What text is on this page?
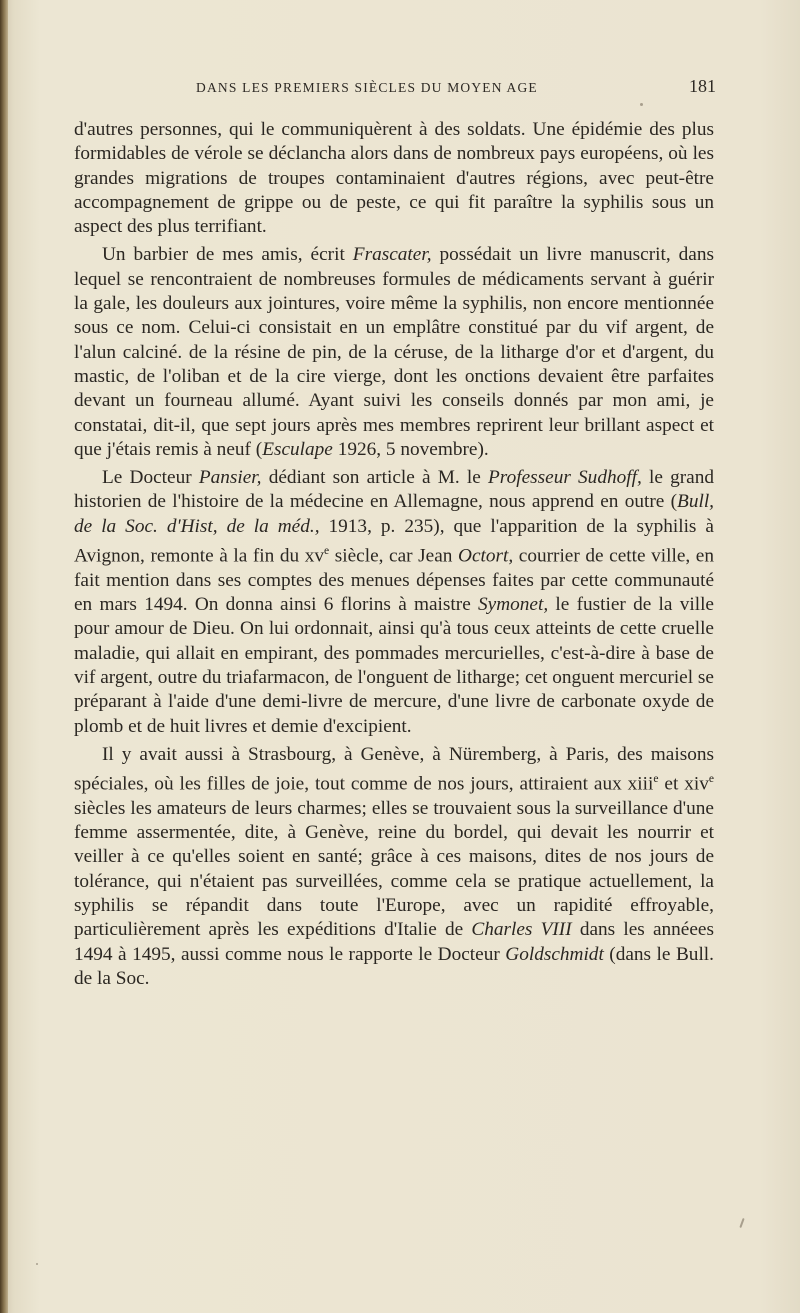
DANS LES PREMIERS SIÈCLES DU MOYEN AGE	181

d'autres personnes, qui le communiquèrent à des soldats. Une épidémie des plus formidables de vérole se déclancha alors dans de nombreux pays européens, où les grandes migrations de troupes contaminaient d'autres régions, avec peut-être accompagnement de grippe ou de peste, ce qui fit paraître la syphilis sous un aspect des plus terrifiant.

Un barbier de mes amis, écrit Frascater, possédait un livre manuscrit, dans lequel se rencontraient de nombreuses formules de médicaments servant à guérir la gale, les douleurs aux jointures, voire même la syphilis, non encore mentionnée sous ce nom. Celui-ci consistait en un emplâtre constitué par du vif argent, de l'alun calciné. de la résine de pin, de la céruse, de la litharge d'or et d'argent, du mastic, de l'oliban et de la cire vierge, dont les onctions devaient être parfaites devant un fourneau allumé. Ayant suivi les conseils donnés par mon ami, je constatai, dit-il, que sept jours après mes membres reprirent leur brillant aspect et que j'étais remis à neuf (Esculape 1926, 5 novembre).

Le Docteur Pansier, dédiant son article à M. le Professeur Sudhoff, le grand historien de l'histoire de la médecine en Allemagne, nous apprend en outre (Bull, de la Soc. d'Hist, de la méd., 1913, p. 235), que l'apparition de la syphilis à Avignon, remonte à la fin du $xv^e$ siècle, car Jean Octort, courrier de cette ville, en fait mention dans ses comptes des menues dépenses faites par cette communauté en mars 1494. On donna ainsi 6 florins à maistre Symonet, le fustier de la ville pour amour de Dieu. On lui ordonnait, ainsi qu'à tous ceux atteints de cette cruelle maladie, qui allait en empirant, des pommades mercurielles, c'est-à-dire à base de vif argent, outre du triafarmacon, de l'onguent de litharge; cet onguent mercuriel se préparant à l'aide d'une demi-livre de mercure, d'une livre de carbonate oxyde de plomb et de huit livres et demie d'excipient.

Il y avait aussi à Strasbourg, à Genève, à Nüremberg, à Paris, des maisons spéciales, où les filles de joie, tout comme de nos jours, attiraient aux xiii$^e$ et xiv$^e$ siècles les amateurs de leurs charmes; elles se trouvaient sous la surveillance d'une femme assermentée, dite, à Genève, reine du bordel, qui devait les nourrir et veiller à ce qu'elles soient en santé; grâce à ces maisons, dites de nos jours de tolérance, qui n'étaient pas surveillées, comme cela se pratique actuellement, la syphilis se répandit dans toute l'Europe, avec un rapidité effroyable, particulièrement après les expéditions d'Italie de Charles VIII dans les annéees 1494 à 1495, aussi comme nous le rapporte le Docteur Goldschmidt (dans le Bull. de la Soc.
